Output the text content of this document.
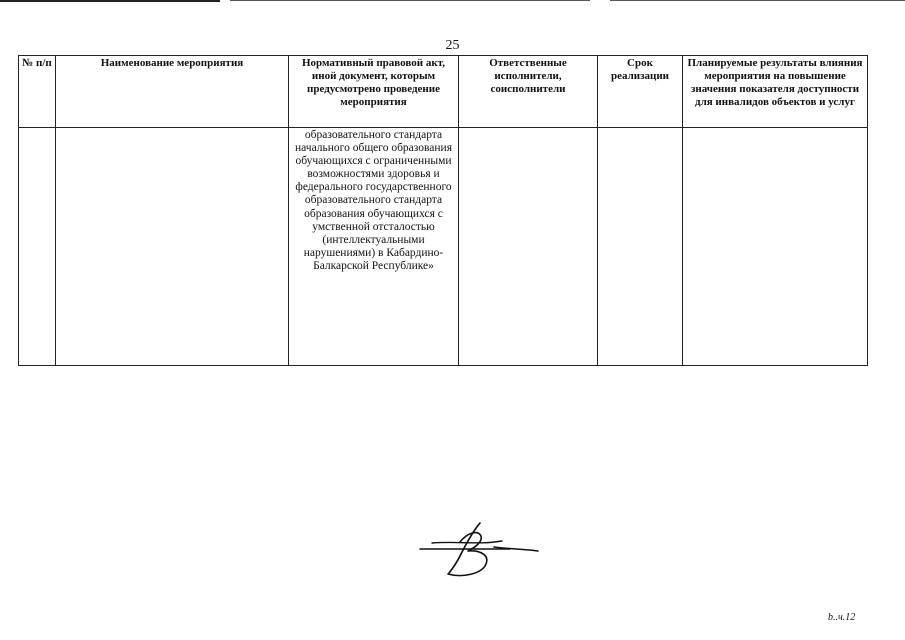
25
№ п/п	Наименование мероприятия	Нормативный правовой акт, иной документ, которым предусмотрено проведение мероприятия	Ответственные исполнители, соисполнители	Срок реализации	Планируемые результаты влияния мероприятия на повышение значения показателя доступности для инвалидов объектов и услуг
		образовательного стандарта начального общего образования обучающихся с ограниченными возможностями здоровья и федерального государственного образовательного стандарта образования обучающихся с умственной отсталостью (интеллектуальными нарушениями) в Кабардино-Балкарской Республике»			
b..ч.12
